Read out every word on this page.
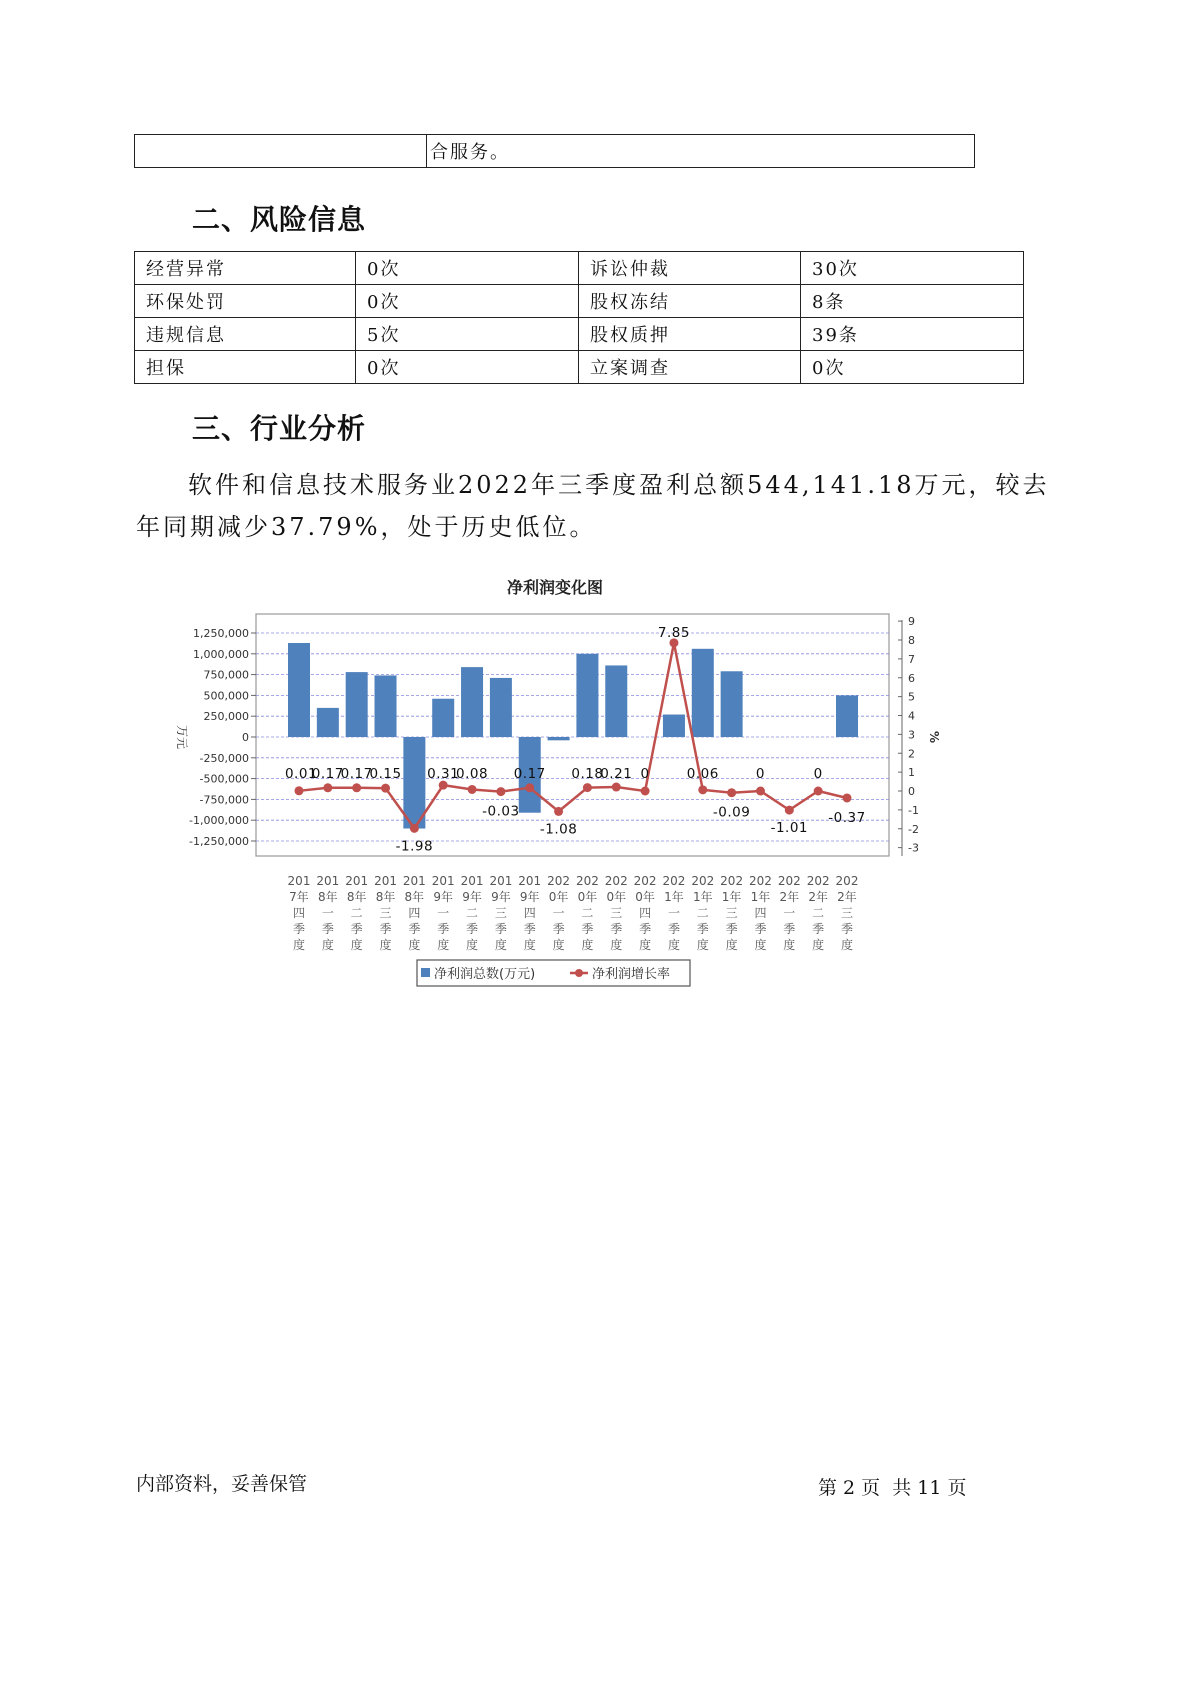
	合服务。
二、风险信息
经营异常	0次	诉讼仲裁	30次
环保处罚	0次	股权冻结	8条
违规信息	5次	股权质押	39条
担保	0次	立案调查	0次
三、行业分析
软件和信息技术服务业2022年三季度盈利总额544,141.18万元，较去
年同期减少37.79%，处于历史低位。
净利润变化图
1,250,000
1,000,000
750,000
500,000
250,000
0
-250,000
-500,000
-750,000
-1,000,000
-1,250,000
9
8
7
6
5
4
3
2
1
0
-1
-2
-3
万元	%
0.01
0.17
0.17
0.15
-1.98
0.31
0.08
-0.03
0.17
-1.08
0.18
0.21 0
7.85
0.06
-0.09
0
-1.01
0
-0.37
201
7年
四
季
度
201
8年
一
季
度
201
8年
二
季
度
201
8年
三
季
度
201
8年
四
季
度
201
9年
一
季
度
201
9年
二
季
度
201
9年
三
季
度
201
9年
四
季
度
202
0年
一
季
度
202
0年
二
季
度
202
0年
三
季
度
202
0年
四
季
度
202
1年
一
季
度
202
1年
二
季
度
202
1年
三
季
度
202
1年
四
季
度
202
2年
一
季
度
202
2年
二
季
度
202
2年
三
季
度
净利润总数(万元)	净利润增长率
内部资料，妥善保管	第 2 页  共 11 页
